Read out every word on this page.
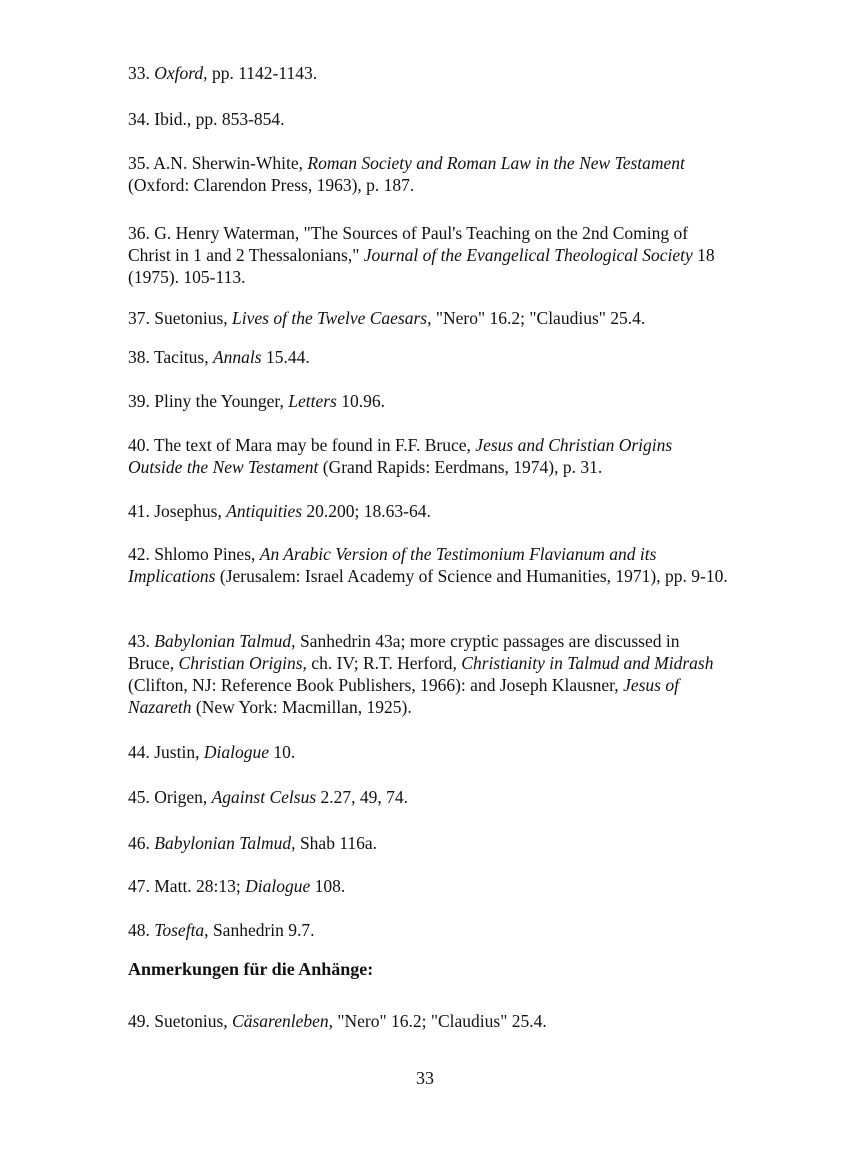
33. Oxford, pp. 1142-1143.
34. Ibid., pp. 853-854.
35. A.N. Sherwin-White, Roman Society and Roman Law in the New Testament (Oxford: Clarendon Press, 1963), p. 187.
36. G. Henry Waterman, "The Sources of Paul's Teaching on the 2nd Coming of Christ in 1 and 2 Thessalonians," Journal of the Evangelical Theological Society 18 (1975). 105-113.
37. Suetonius, Lives of the Twelve Caesars, "Nero" 16.2; "Claudius" 25.4.
38. Tacitus, Annals 15.44.
39. Pliny the Younger, Letters 10.96.
40. The text of Mara may be found in F.F. Bruce, Jesus and Christian Origins Outside the New Testament (Grand Rapids: Eerdmans, 1974), p. 31.
41. Josephus, Antiquities 20.200; 18.63-64.
42. Shlomo Pines, An Arabic Version of the Testimonium Flavianum and its Implications (Jerusalem: Israel Academy of Science and Humanities, 1971), pp. 9-10.
43. Babylonian Talmud, Sanhedrin 43a; more cryptic passages are discussed in Bruce, Christian Origins, ch. IV; R.T. Herford, Christianity in Talmud and Midrash (Clifton, NJ: Reference Book Publishers, 1966): and Joseph Klausner, Jesus of Nazareth (New York: Macmillan, 1925).
44. Justin, Dialogue 10.
45. Origen, Against Celsus 2.27, 49, 74.
46. Babylonian Talmud, Shab 116a.
47. Matt. 28:13; Dialogue 108.
48. Tosefta, Sanhedrin 9.7.
Anmerkungen für die Anhänge:
49. Suetonius, Cäsarenleben, "Nero" 16.2; "Claudius" 25.4.
33
